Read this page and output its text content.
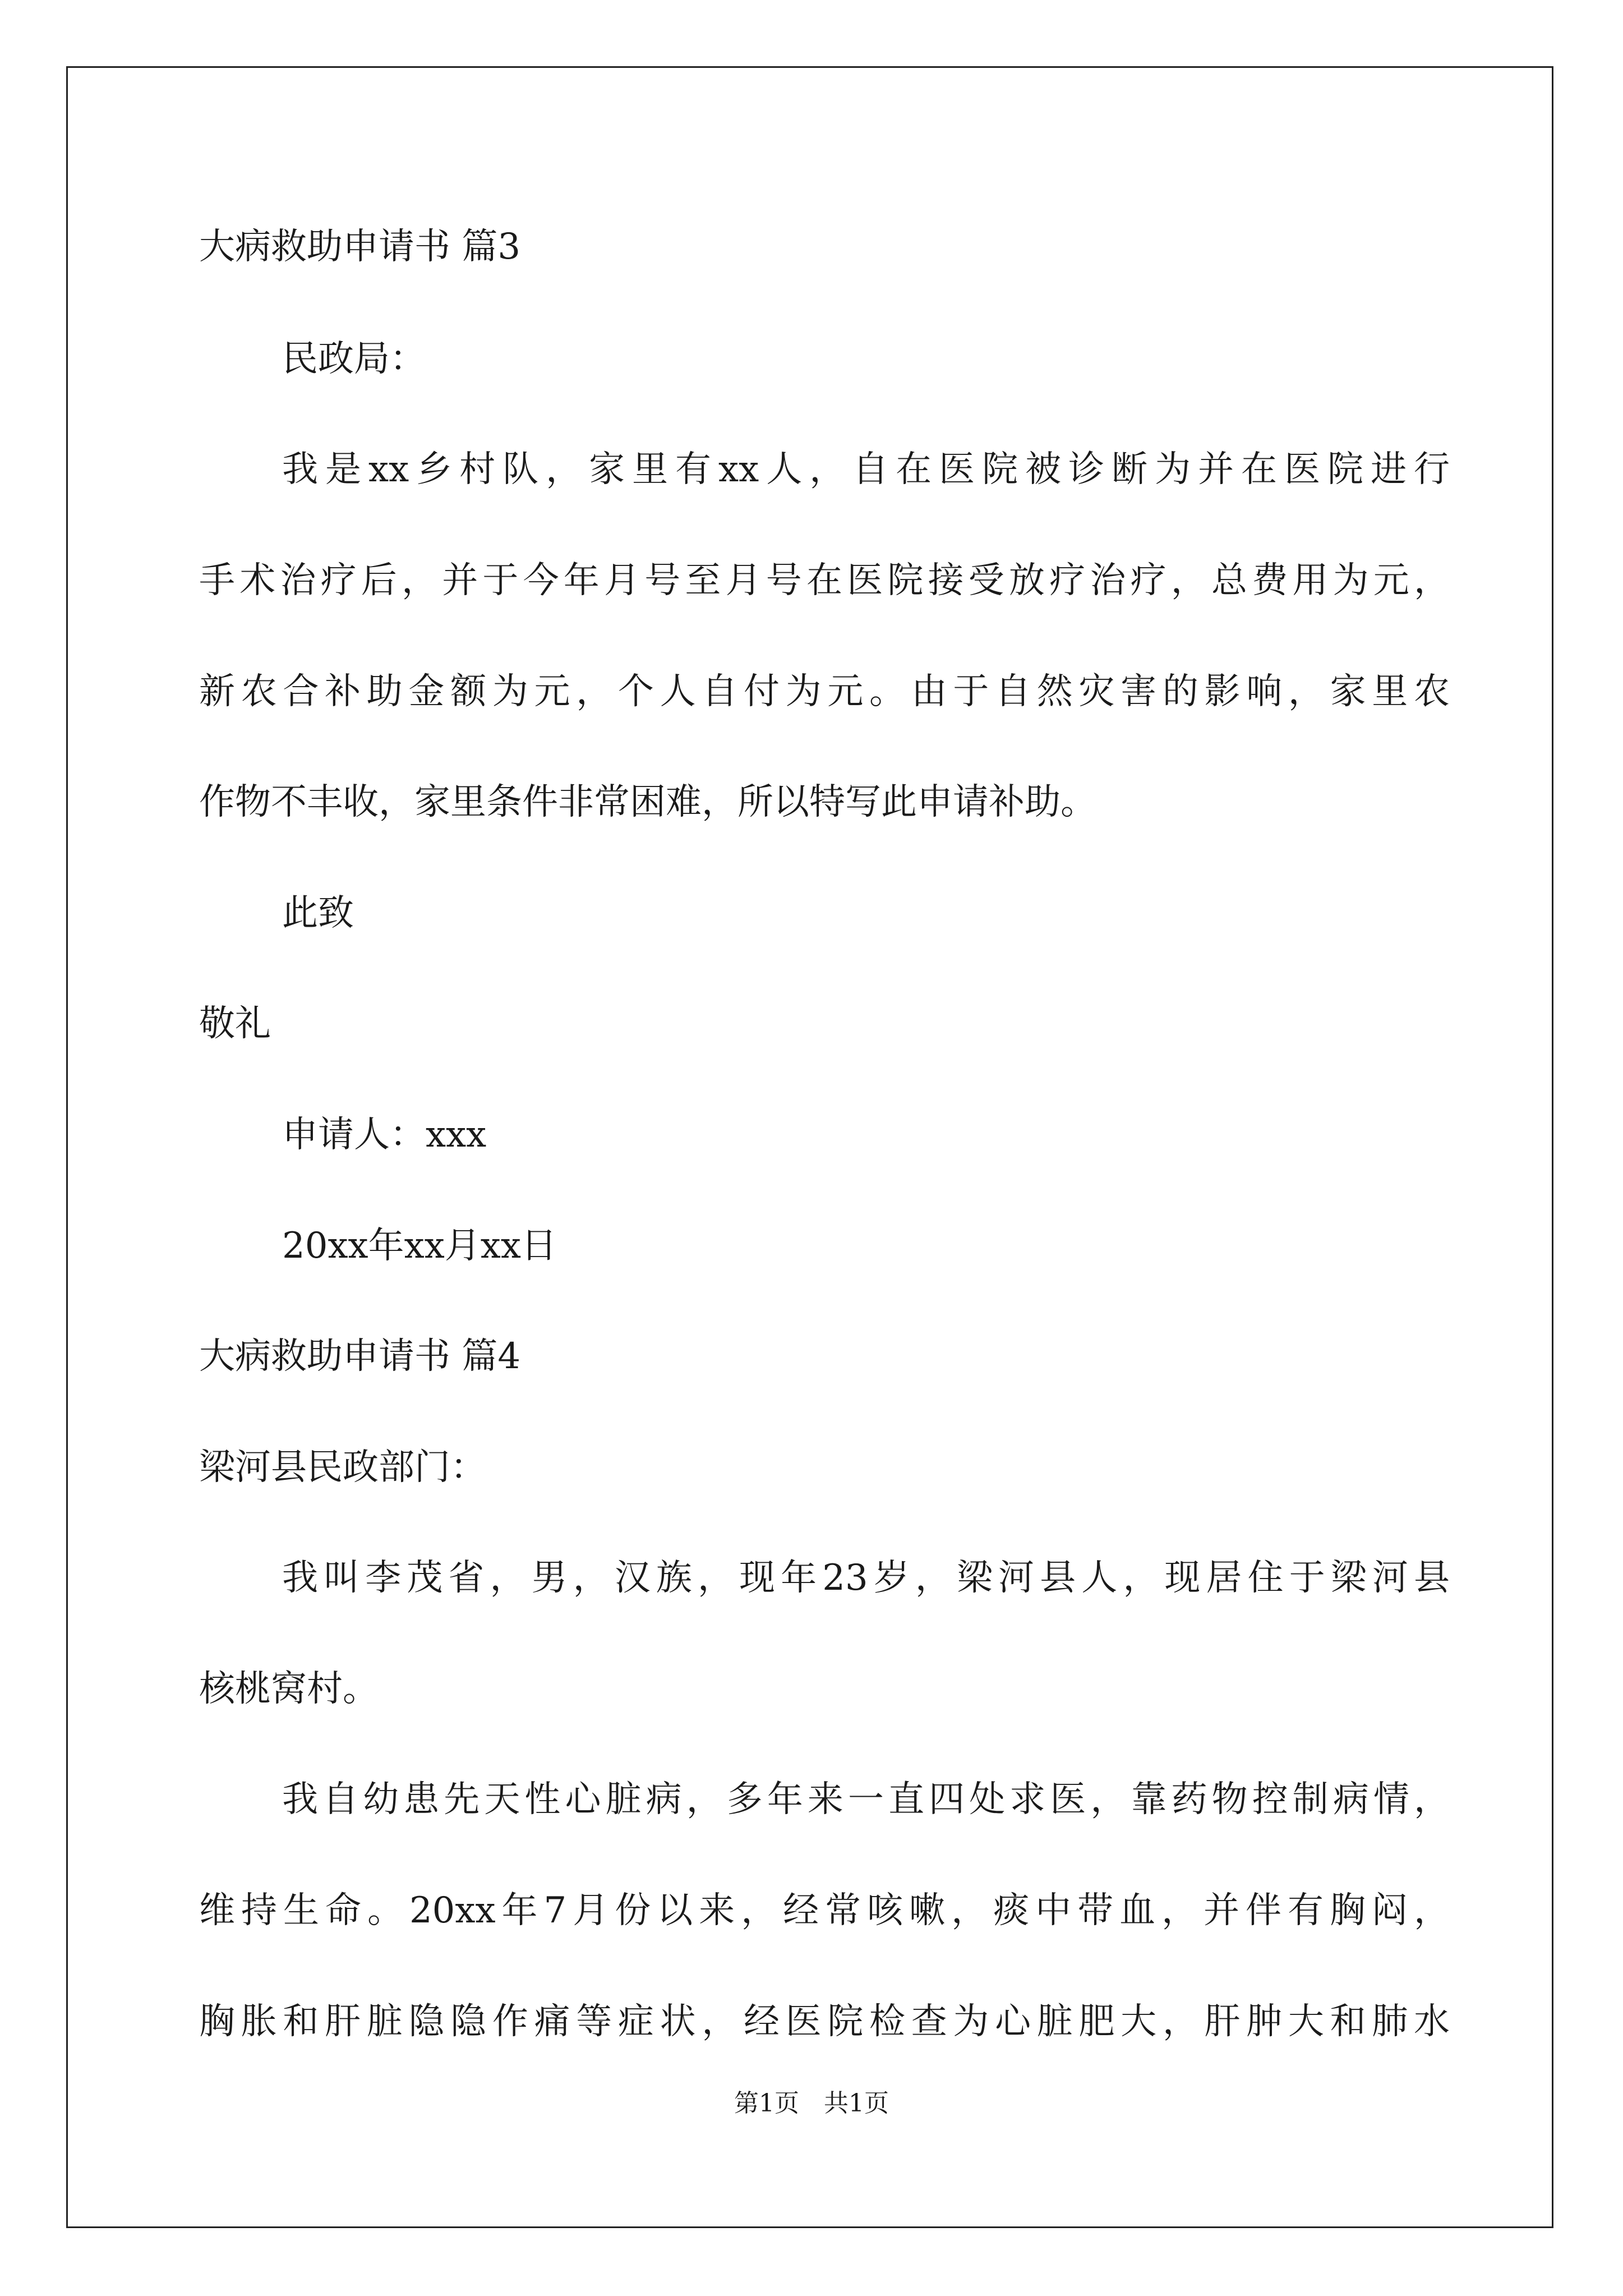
大病救助申请书 篇3
民政局：
我是xx乡村队，家里有xx人，自在医院被诊断为并在医院进行
手术治疗后，并于今年月号至月号在医院接受放疗治疗，总费用为元，
新农合补助金额为元，个人自付为元。由于自然灾害的影响，家里农
作物不丰收，家里条件非常困难，所以特写此申请补助。
此致
敬礼
申请人：xxx
20xx年xx月xx日
大病救助申请书 篇4
梁河县民政部门：
我叫李茂省，男，汉族，现年23岁，梁河县人，现居住于梁河县
核桃窝村。
我自幼患先天性心脏病，多年来一直四处求医，靠药物控制病情，
维持生命。20xx年7月份以来，经常咳嗽，痰中带血，并伴有胸闷，
胸胀和肝脏隐隐作痛等症状，经医院检查为心脏肥大，肝肿大和肺水
第1页　共1页
